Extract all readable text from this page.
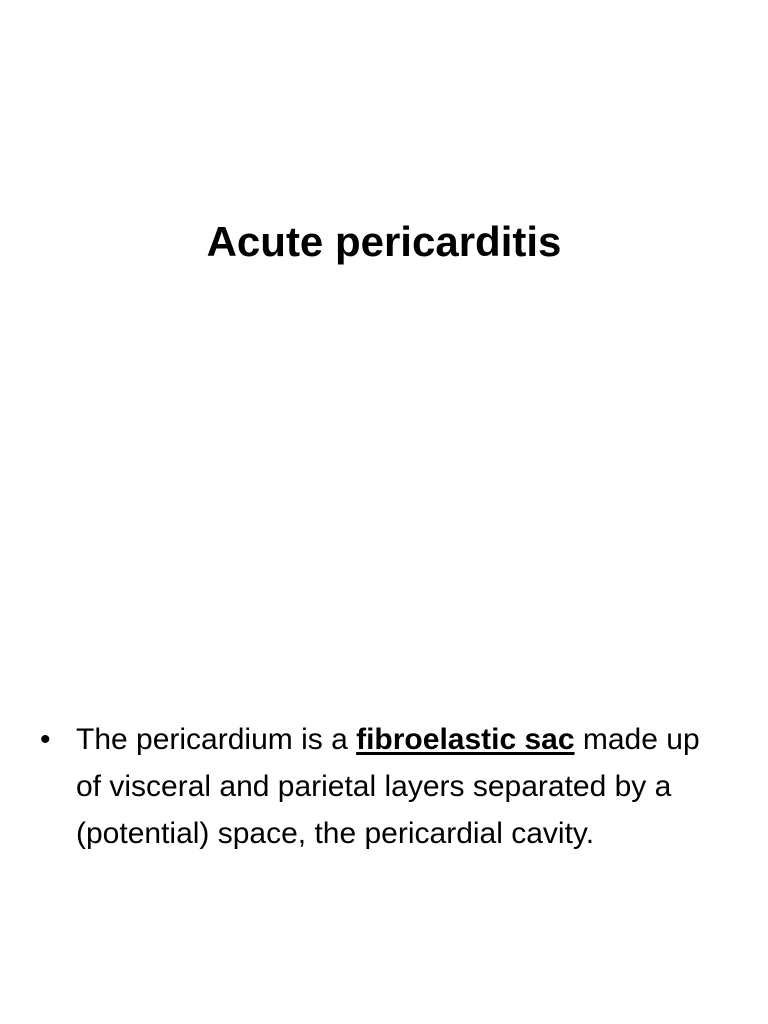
Acute pericarditis
• The pericardium is a fibroelastic sac made up of visceral and parietal layers separated by a (potential) space, the pericardial cavity.
